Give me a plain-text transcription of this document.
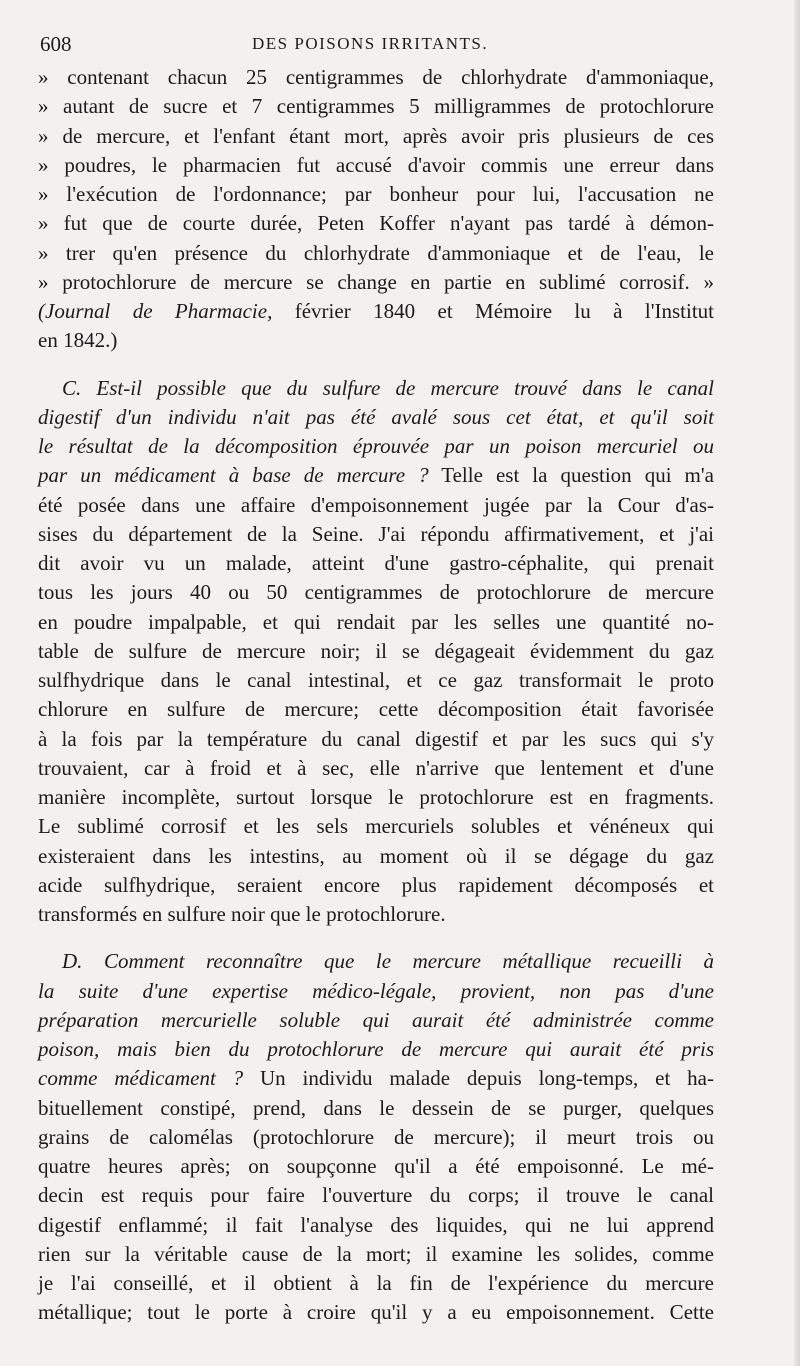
608	DES POISONS IRRITANTS.
» contenant chacun 25 centigrammes de chlorhydrate d'ammoniaque,
» autant de sucre et 7 centigrammes 5 milligrammes de protochlorure
» de mercure, et l'enfant étant mort, après avoir pris plusieurs de ces
» poudres, le pharmacien fut accusé d'avoir commis une erreur dans
» l'exécution de l'ordonnance; par bonheur pour lui, l'accusation ne
» fut que de courte durée, Peten Koffer n'ayant pas tardé à démon-
» trer qu'en présence du chlorhydrate d'ammoniaque et de l'eau, le
» protochlorure de mercure se change en partie en sublimé corrosif. »
(Journal de Pharmacie, février 1840 et Mémoire lu à l'Institut
en 1842.)
C. Est-il possible que du sulfure de mercure trouvé dans le canal
digestif d'un individu n'ait pas été avalé sous cet état, et qu'il soit
le résultat de la décomposition éprouvée par un poison mercuriel ou
par un médicament à base de mercure ? Telle est la question qui m'a
été posée dans une affaire d'empoisonnement jugée par la Cour d'as-
sises du département de la Seine. J'ai répondu affirmativement, et j'ai
dit avoir vu un malade, atteint d'une gastro-céphalite, qui prenait
tous les jours 40 ou 50 centigrammes de protochlorure de mercure
en poudre impalpable, et qui rendait par les selles une quantité no-
table de sulfure de mercure noir; il se dégageait évidemment du gaz
sulfhydrique dans le canal intestinal, et ce gaz transformait le proto
chlorure en sulfure de mercure; cette décomposition était favorisée
à la fois par la température du canal digestif et par les sucs qui s'y
trouvaient, car à froid et à sec, elle n'arrive que lentement et d'une
manière incomplète, surtout lorsque le protochlorure est en fragments.
Le sublimé corrosif et les sels mercuriels solubles et vénéneux qui
existeraient dans les intestins, au moment où il se dégage du gaz
acide sulfhydrique, seraient encore plus rapidement décomposés et
transformés en sulfure noir que le protochlorure.
D. Comment reconnaître que le mercure métallique recueilli à
la suite d'une expertise médico-légale, provient, non pas d'une
préparation mercurielle soluble qui aurait été administrée comme
poison, mais bien du protochlorure de mercure qui aurait été pris
comme médicament ? Un individu malade depuis long-temps, et ha-
bituellement constipé, prend, dans le dessein de se purger, quelques
grains de calomélas (protochlorure de mercure); il meurt trois ou
quatre heures après; on soupçonne qu'il a été empoisonné. Le mé-
decin est requis pour faire l'ouverture du corps; il trouve le canal
digestif enflammé; il fait l'analyse des liquides, qui ne lui apprend
rien sur la véritable cause de la mort; il examine les solides, comme
je l'ai conseillé, et il obtient à la fin de l'expérience du mercure
métallique; tout le porte à croire qu'il y a eu empoisonnement. Cette
